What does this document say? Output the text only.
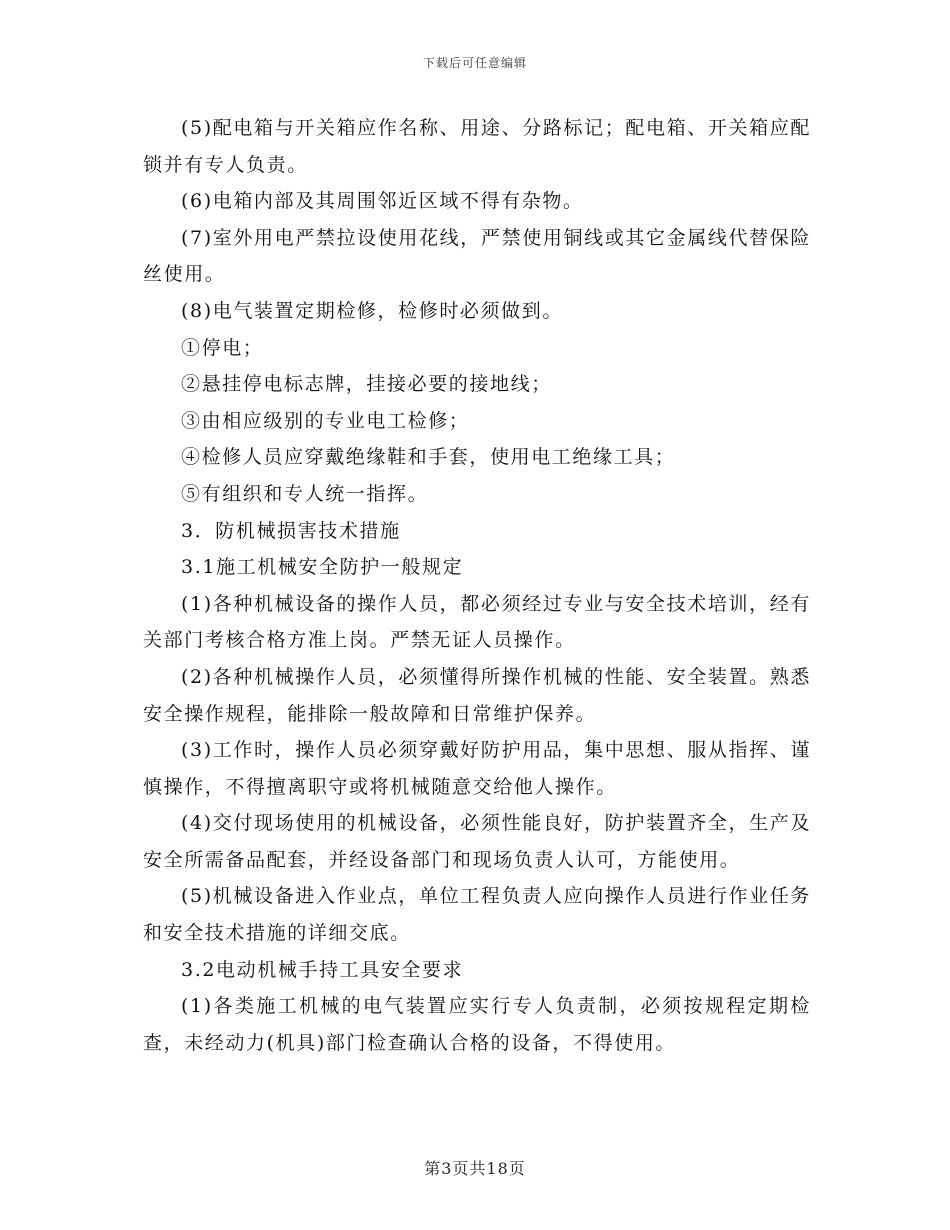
下载后可任意编辑

(5)配电箱与开关箱应作名称、用途、分路标记；配电箱、开关箱应配锁并有专人负责。

(6)电箱内部及其周围邻近区域不得有杂物。

(7)室外用电严禁拉设使用花线，严禁使用铜线或其它金属线代替保险丝使用。

(8)电气装置定期检修，检修时必须做到。

①停电；

②悬挂停电标志牌，挂接必要的接地线；

③由相应级别的专业电工检修；

④检修人员应穿戴绝缘鞋和手套，使用电工绝缘工具；

⑤有组织和专人统一指挥。

3．防机械损害技术措施

3.1施工机械安全防护一般规定

(1)各种机械设备的操作人员，都必须经过专业与安全技术培训，经有关部门考核合格方准上岗。严禁无证人员操作。

(2)各种机械操作人员，必须懂得所操作机械的性能、安全装置。熟悉安全操作规程，能排除一般故障和日常维护保养。

(3)工作时，操作人员必须穿戴好防护用品，集中思想、服从指挥、谨慎操作，不得擅离职守或将机械随意交给他人操作。

(4)交付现场使用的机械设备，必须性能良好，防护装置齐全，生产及安全所需备品配套，并经设备部门和现场负责人认可，方能使用。

(5)机械设备进入作业点，单位工程负责人应向操作人员进行作业任务和安全技术措施的详细交底。

3.2电动机械手持工具安全要求

(1)各类施工机械的电气装置应实行专人负责制，必须按规程定期检查，未经动力(机具)部门检查确认合格的设备，不得使用。

第3页共18页
